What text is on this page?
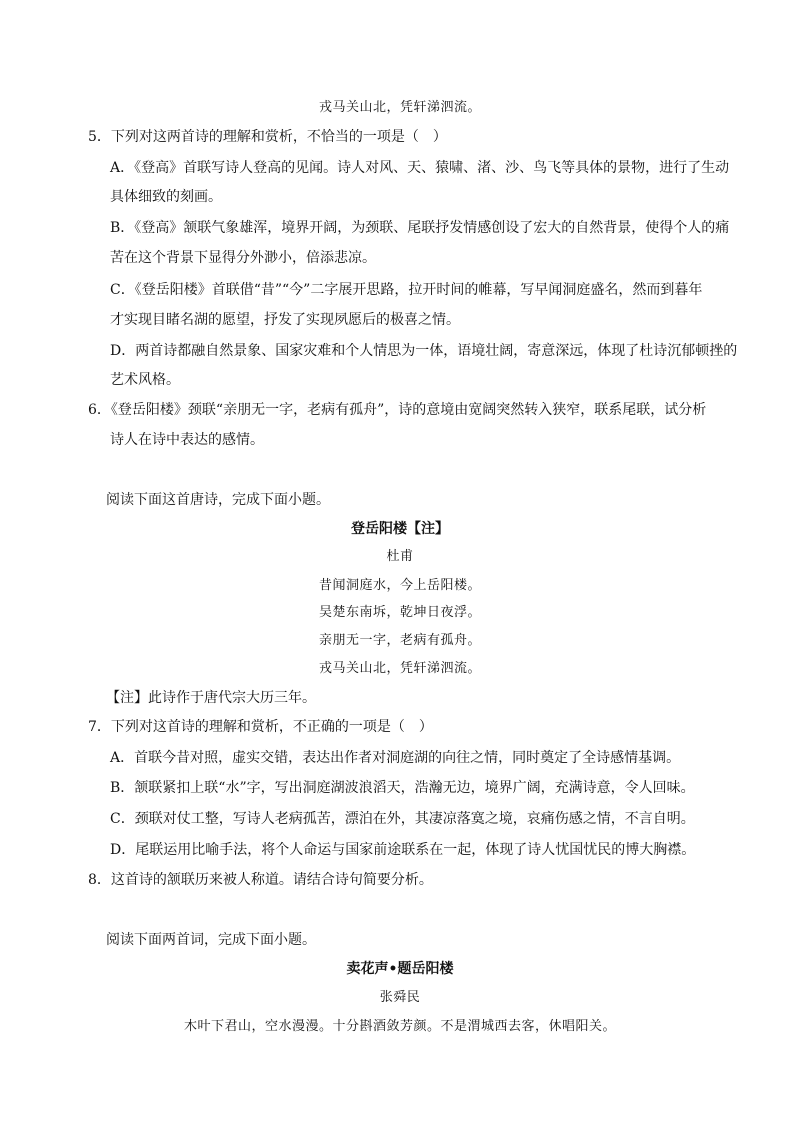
戎马关山北，凭轩涕泗流。
5．下列对这两首诗的理解和赏析，不恰当的一项是（　）
A．《登高》首联写诗人登高的见闻。诗人对风、天、猿啸、渚、沙、鸟飞等具体的景物，进行了生动
具体细致的刻画。
B．《登高》颔联气象雄浑，境界开阔，为颈联、尾联抒发情感创设了宏大的自然背景，使得个人的痛
苦在这个背景下显得分外渺小，倍添悲凉。
C．《登岳阳楼》首联借“昔”“今”二字展开思路，拉开时间的帷幕，写早闻洞庭盛名，然而到暮年
才实现目睹名湖的愿望，抒发了实现夙愿后的极喜之情。
D．两首诗都融自然景象、国家灾难和个人情思为一体，语境壮阔，寄意深远，体现了杜诗沉郁顿挫的
艺术风格。
6．《登岳阳楼》颈联“亲朋无一字，老病有孤舟”，诗的意境由宽阔突然转入狭窄，联系尾联，试分析
诗人在诗中表达的感情。
阅读下面这首唐诗，完成下面小题。
登岳阳楼【注】
杜甫
昔闻洞庭水，今上岳阳楼。
吴楚东南坼，乾坤日夜浮。
亲朋无一字，老病有孤舟。
戎马关山北，凭轩涕泗流。
【注】此诗作于唐代宗大历三年。
7．下列对这首诗的理解和赏析，不正确的一项是（　）
A．首联今昔对照，虚实交错，表达出作者对洞庭湖的向往之情，同时奠定了全诗感情基调。
B．颔联紧扣上联“水”字，写出洞庭湖波浪滔天，浩瀚无边，境界广阔，充满诗意，令人回味。
C．颈联对仗工整，写诗人老病孤苦，漂泊在外，其凄凉落寞之境，哀痛伤感之情，不言自明。
D．尾联运用比喻手法，将个人命运与国家前途联系在一起，体现了诗人忧国忧民的博大胸襟。
8．这首诗的颔联历来被人称道。请结合诗句简要分析。
阅读下面两首词，完成下面小题。
卖花声•题岳阳楼
张舜民
木叶下君山，空水漫漫。十分斟酒敛芳颜。不是渭城西去客，休唱阳关。
